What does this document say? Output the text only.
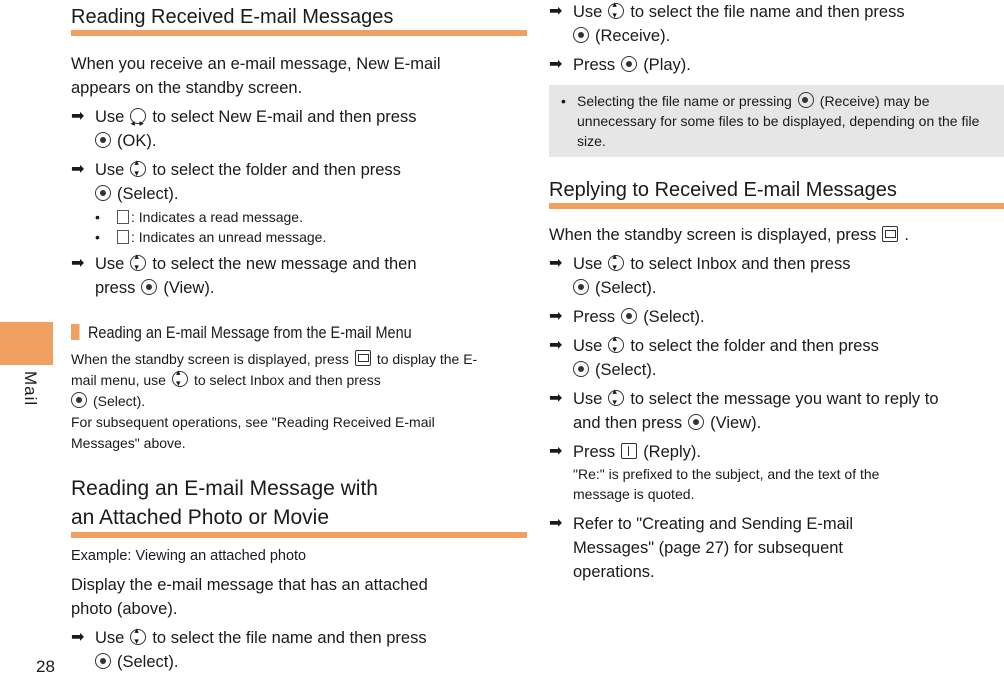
Mail
28
Reading Received E-mail Messages

When you receive an e-mail message, New E-mail appears on the standby screen.

➡ Use ◂ ▸ to select New E-mail and then press
(OK).
➡ Use ▴ ▾ to select the folder and then press
(Select).
• : Indicates a read message.
• : Indicates an unread message.
➡ Use ▴ ▾ to select the new message and then
press (View).
Reading an E-mail Message from the E-mail Menu
When the standby screen is displayed, press to display the E-mail menu, use ▴ ▾ to select Inbox and then press
(Select).
For subsequent operations, see "Reading Received E-mail Messages" above.
Reading an E-mail Message with
an Attached Photo or Movie
Example: Viewing an attached photo

Display the e-mail message that has an attached photo (above).

➡ Use ▴ ▾ to select the file name and then press
(Select).
➡ Use ▴ ▾ to select the file name and then press
(Receive).
➡ Press (Play).
• Selecting the file name or pressing (Receive) may be unnecessary for some files to be displayed, depending on the file size.
Replying to Received E-mail Messages

When the standby screen is displayed, press .

➡ Use ▴ ▾ to select Inbox and then press
(Select).
➡ Press (Select).
➡ Use ▴ ▾ to select the folder and then press
(Select).
➡ Use ▴ ▾ to select the message you want to reply to and then press (View).
➡ Press (Reply).
"Re:" is prefixed to the subject, and the text of the message is quoted.
➡ Refer to "Creating and Sending E-mail Messages" (page 27) for subsequent operations.
